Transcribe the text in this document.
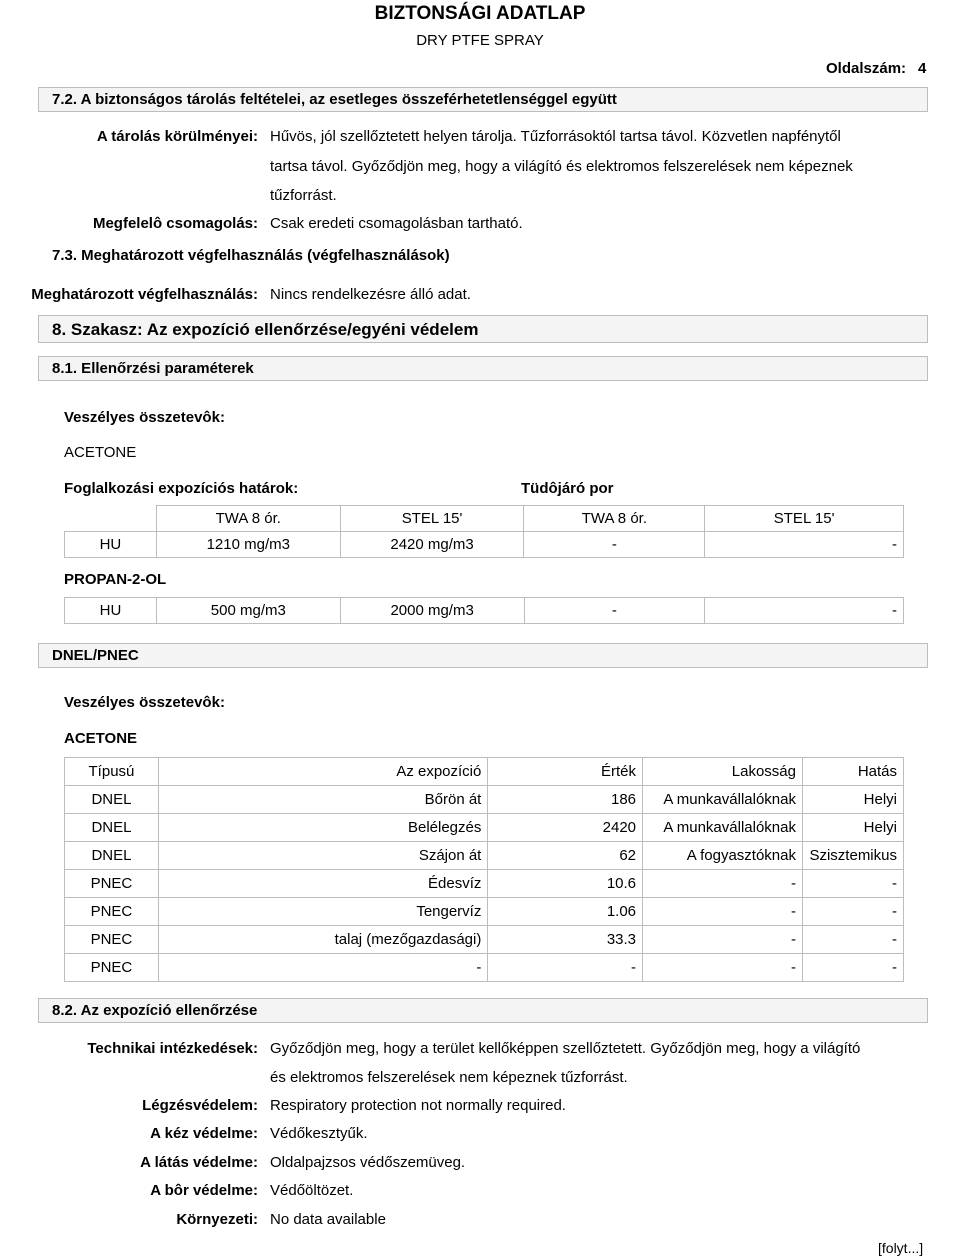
BIZTONSÁGI ADATLAP
DRY PTFE SPRAY
Oldalszám: 4
7.2. A biztonságos tárolás feltételei, az esetleges összeférhetetlenséggel együtt
A tárolás körülményei: Hűvös, jól szellőztetett helyen tárolja. Tűzforrásoktól tartsa távol. Közvetlen napfénytől
tartsa távol. Győződjön meg, hogy a világító és elektromos felszerelések nem képeznek
tűzforrást.
Megfelelô csomagolás: Csak eredeti csomagolásban tartható.
7.3. Meghatározott végfelhasználás (végfelhasználások)
Meghatározott végfelhasználás: Nincs rendelkezésre álló adat.
8. Szakasz: Az expozíció ellenőrzése/egyéni védelem
8.1. Ellenőrzési paraméterek
Veszélyes összetevôk:
ACETONE
Foglalkozási expozíciós határok:	Tüdôjáró por
	TWA 8 ór.	STEL 15'	TWA 8 ór.	STEL 15'
HU	1210 mg/m3	2420 mg/m3	-	-
PROPAN-2-OL
HU	500 mg/m3	2000 mg/m3	-	-
DNEL/PNEC
Veszélyes összetevôk:
ACETONE
Típusú	Az expozíció	Érték	Lakosság	Hatás
DNEL	Bőrön át	186	A munkavállalóknak	Helyi
DNEL	Belélegzés	2420	A munkavállalóknak	Helyi
DNEL	Szájon át	62	A fogyasztóknak	Szisztemikus
PNEC	Édesvíz	10.6	-	-
PNEC	Tengervíz	1.06	-	-
PNEC	talaj (mezőgazdasági)	33.3	-	-
PNEC	-	-	-	-
8.2. Az expozíció ellenőrzése
Technikai intézkedések: Győződjön meg, hogy a terület kellőképpen szellőztetett. Győződjön meg, hogy a világító
és elektromos felszerelések nem képeznek tűzforrást.
Légzésvédelem: Respiratory protection not normally required.
A kéz védelme: Védőkesztyűk.
A látás védelme: Oldalpajzsos védőszemüveg.
A bôr védelme: Védőöltözet.
Környezeti: No data available
[folyt...]
